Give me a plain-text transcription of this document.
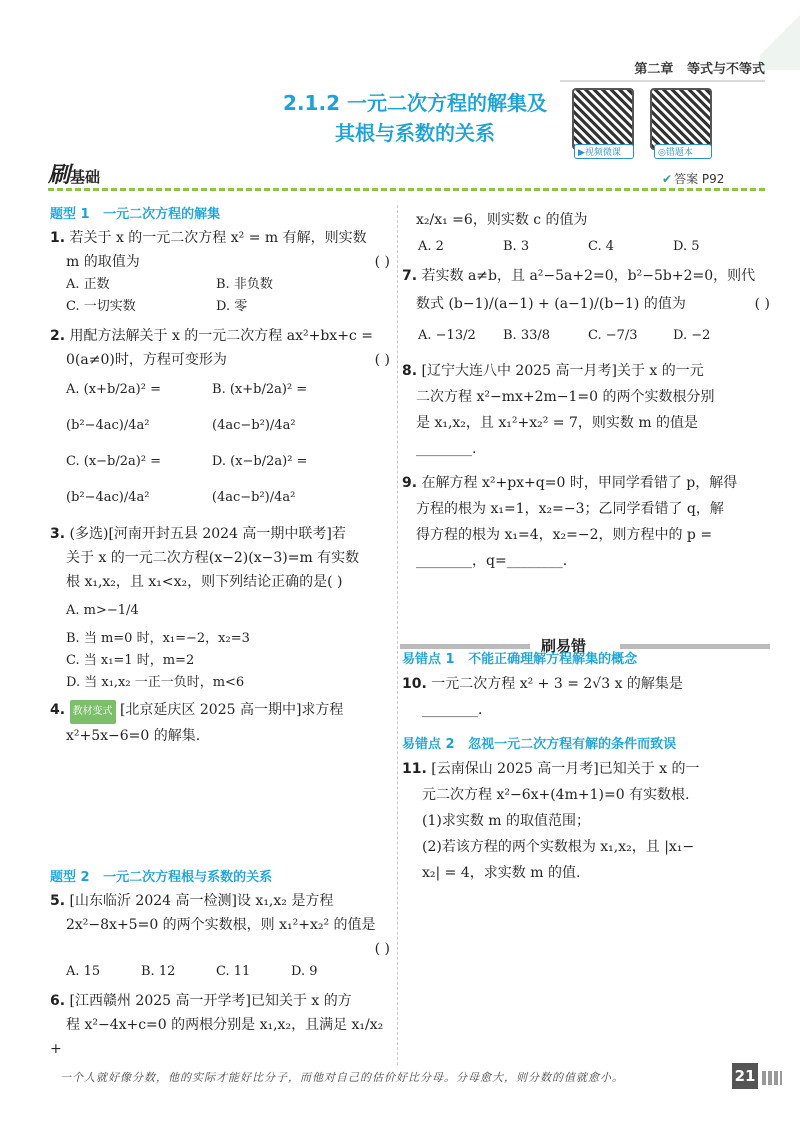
第二章 等式与不等式
2.1.2 一元二次方程的解集及
其根与系数的关系
▶视频微课	◎错题本
刷基础	✔ 答案 P92
题型 1 一元二次方程的解集
1. 若关于 x 的一元二次方程 x² = m 有解，则实数
m 的取值为	( )
A. 正数	B. 非负数
C. 一切实数	D. 零
2. 用配方法解关于 x 的一元二次方程 ax²+bx+c =
0(a≠0)时，方程可变形为	( )
A. (x+b/2a)² = (b²−4ac)/4a²
B. (x+b/2a)² = (4ac−b²)/4a²
C. (x−b/2a)² = (b²−4ac)/4a²
D. (x−b/2a)² = (4ac−b²)/4a²
3. (多选)[河南开封五县 2024 高一期中联考]若
关于 x 的一元二次方程(x−2)(x−3)=m 有实数
根 x₁,x₂，且 x₁<x₂，则下列结论正确的是( )
A. m>−1/4
B. 当 m=0 时，x₁=−2，x₂=3
C. 当 x₁=1 时，m=2
D. 当 x₁,x₂ 一正一负时，m<6
4. 教材变式 [北京延庆区 2025 高一期中]求方程
x²+5x−6=0 的解集.
题型 2 一元二次方程根与系数的关系
5. [山东临沂 2024 高一检测]设 x₁,x₂ 是方程
2x²−8x+5=0 的两个实数根，则 x₁²+x₂² 的值是

( )
A. 15	B. 12	C. 11	D. 9
6. [江西赣州 2025 高一开学考]已知关于 x 的方
程 x²−4x+c=0 的两根分别是 x₁,x₂，且满足 x₁/x₂ +
x₂/x₁ =6，则实数 c 的值为
A. 2	B. 3	C. 4	D. 5
7. 若实数 a≠b，且 a²−5a+2=0，b²−5b+2=0，则代
数式 (b−1)/(a−1) + (a−1)/(b−1) 的值为	( )
A. −13/2	B. 33/8	C. −7/3	D. −2
8. [辽宁大连八中 2025 高一月考]关于 x 的一元
二次方程 x²−mx+2m−1=0 的两个实数根分别
是 x₁,x₂，且 x₁²+x₂² = 7，则实数 m 的值是
________.
9. 在解方程 x²+px+q=0 时，甲同学看错了 p，解得
方程的根为 x₁=1，x₂=−3；乙同学看错了 q，解
得方程的根为 x₁=4，x₂=−2，则方程中的 p =
________，q=________.
刷易错
易错点 1 不能正确理解方程解集的概念
10. 一元二次方程 x² + 3 = 2√3 x 的解集是
________.
易错点 2 忽视一元二次方程有解的条件而致误
11. [云南保山 2025 高一月考]已知关于 x 的一
元二次方程 x²−6x+(4m+1)=0 有实数根.
(1)求实数 m 的取值范围；
(2)若该方程的两个实数根为 x₁,x₂，且 |x₁−
x₂| = 4，求实数 m 的值.
一个人就好像分数，他的实际才能好比分子，而他对自己的估价好比分母。分母愈大，则分数的值就愈小。	21
